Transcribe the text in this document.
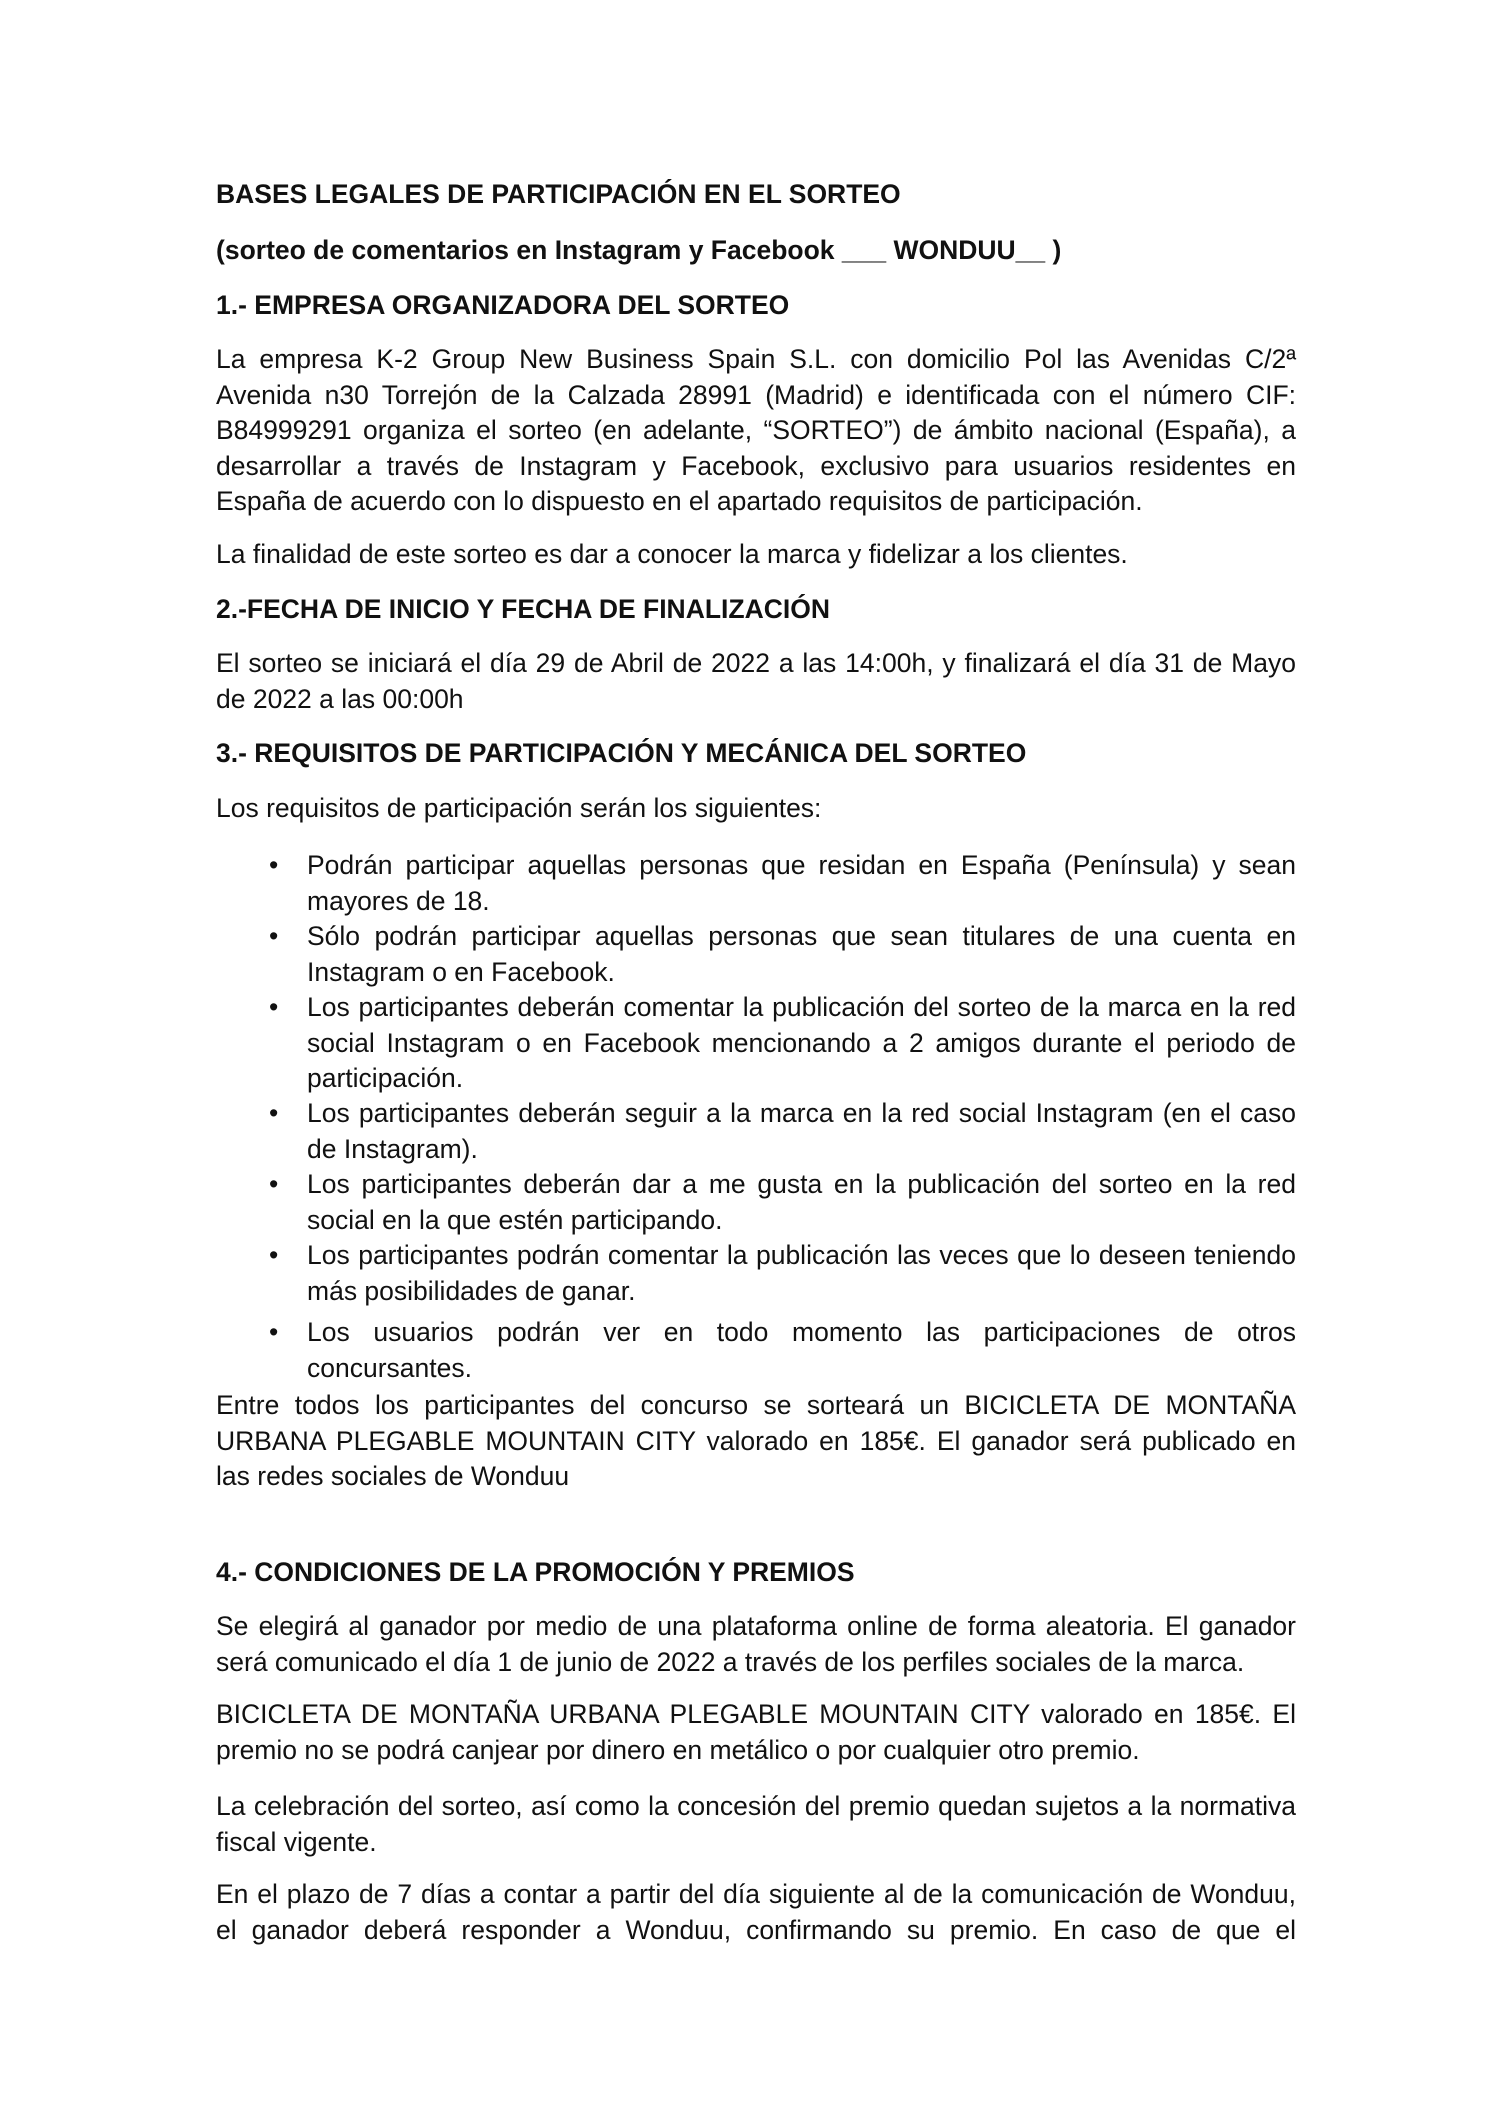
BASES LEGALES DE PARTICIPACIÓN EN EL SORTEO
(sorteo de comentarios en Instagram y Facebook ___ WONDUU__ )
1.- EMPRESA ORGANIZADORA DEL SORTEO
La empresa K-2 Group New Business Spain S.L. con domicilio Pol las Avenidas C/2ª Avenida n30 Torrejón de la Calzada 28991 (Madrid) e identificada con el número CIF: B84999291 organiza el sorteo (en adelante, “SORTEO”) de ámbito nacional (España), a desarrollar a través de Instagram y Facebook, exclusivo para usuarios residentes en España de acuerdo con lo dispuesto en el apartado requisitos de participación.
La finalidad de este sorteo es dar a conocer la marca y fidelizar a los clientes.
2.-FECHA DE INICIO Y FECHA DE FINALIZACIÓN
El sorteo se iniciará el día 29 de Abril de 2022 a las 14:00h, y finalizará el día 31 de Mayo de 2022 a las 00:00h
3.- REQUISITOS DE PARTICIPACIÓN Y MECÁNICA DEL SORTEO
Los requisitos de participación serán los siguientes:
• Podrán participar aquellas personas que residan en España (Península) y sean mayores de 18.
• Sólo podrán participar aquellas personas que sean titulares de una cuenta en Instagram o en Facebook.
• Los participantes deberán comentar la publicación del sorteo de la marca en la red social Instagram o en Facebook mencionando a 2 amigos durante el periodo de participación.
• Los participantes deberán seguir a la marca en la red social Instagram (en el caso de Instagram).
• Los participantes deberán dar a me gusta en la publicación del sorteo en la red social en la que estén participando.
• Los participantes podrán comentar la publicación las veces que lo deseen teniendo más posibilidades de ganar.
• Los usuarios podrán ver en todo momento las participaciones de otros concursantes.
Entre todos los participantes del concurso se sorteará un BICICLETA DE MONTAÑA URBANA PLEGABLE MOUNTAIN CITY valorado en 185€. El ganador será publicado en las redes sociales de Wonduu
4.- CONDICIONES DE LA PROMOCIÓN Y PREMIOS
Se elegirá al ganador por medio de una plataforma online de forma aleatoria. El ganador será comunicado el día 1 de junio de 2022 a través de los perfiles sociales de la marca.
BICICLETA DE MONTAÑA URBANA PLEGABLE MOUNTAIN CITY valorado en 185€. El premio no se podrá canjear por dinero en metálico o por cualquier otro premio.
La celebración del sorteo, así como la concesión del premio quedan sujetos a la normativa fiscal vigente.
En el plazo de 7 días a contar a partir del día siguiente al de la comunicación de Wonduu, el ganador deberá responder a Wonduu, confirmando su premio. En caso de que el
